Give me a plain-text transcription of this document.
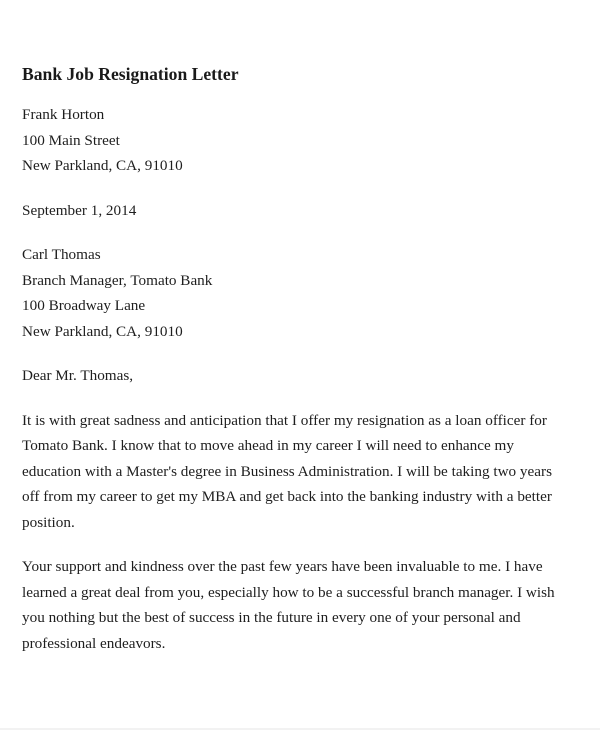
Bank Job Resignation Letter
Frank Horton
100 Main Street
New Parkland, CA, 91010
September 1, 2014
Carl Thomas
Branch Manager, Tomato Bank
100 Broadway Lane
New Parkland, CA, 91010
Dear Mr. Thomas,
It is with great sadness and anticipation that I offer my resignation as a loan officer for
Tomato Bank. I know that to move ahead in my career I will need to enhance my
education with a Master's degree in Business Administration. I will be taking two years
off from my career to get my MBA and get back into the banking industry with a better
position.
Your support and kindness over the past few years have been invaluable to me. I have
learned a great deal from you, especially how to be a successful branch manager. I wish
you nothing but the best of success in the future in every one of your personal and
professional endeavors.
